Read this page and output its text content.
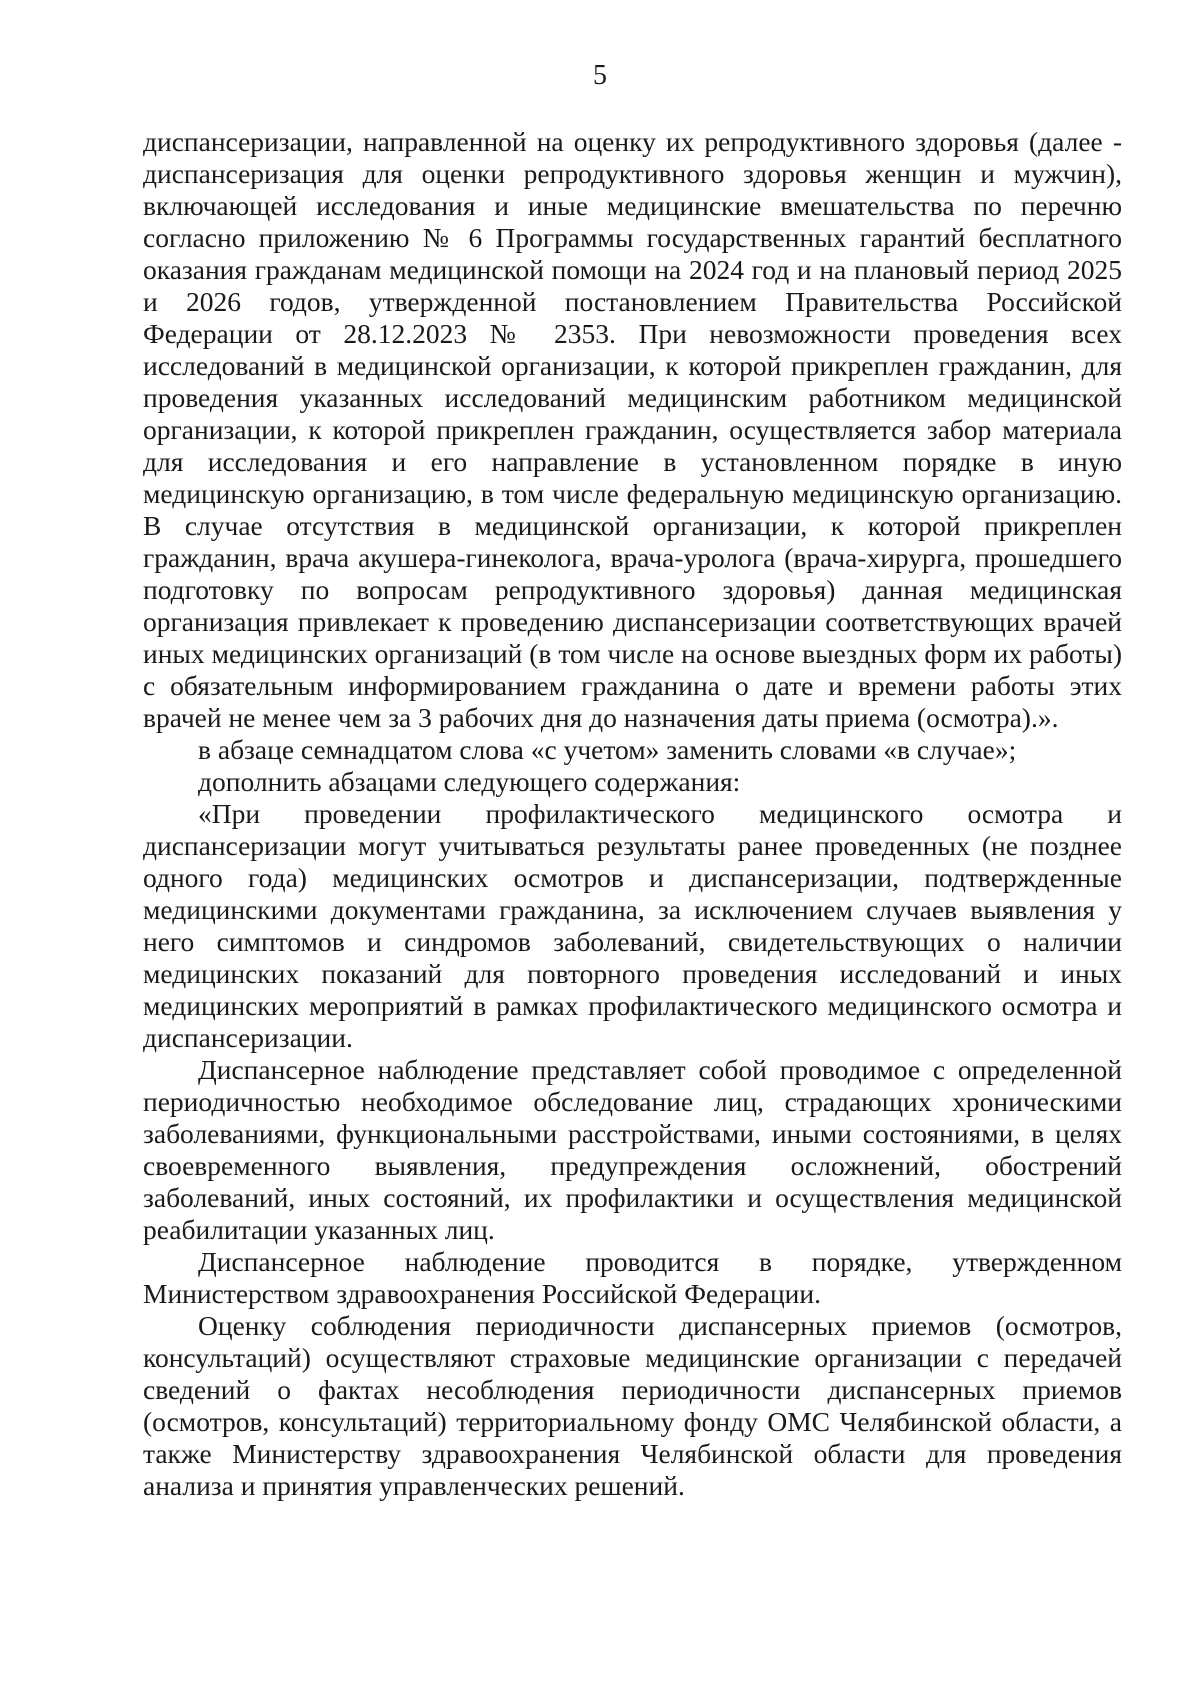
5

диспансеризации, направленной на оценку их репродуктивного здоровья (далее - диспансеризация для оценки репродуктивного здоровья женщин и мужчин), включающей исследования и иные медицинские вмешательства по перечню согласно приложению № 6 Программы государственных гарантий бесплатного оказания гражданам медицинской помощи на 2024 год и на плановый период 2025 и 2026 годов, утвержденной постановлением Правительства Российской Федерации от 28.12.2023 № 2353. При невозможности проведения всех исследований в медицинской организации, к которой прикреплен гражданин, для проведения указанных исследований медицинским работником медицинской организации, к которой прикреплен гражданин, осуществляется забор материала для исследования и его направление в установленном порядке в иную медицинскую организацию, в том числе федеральную медицинскую организацию. В случае отсутствия в медицинской организации, к которой прикреплен гражданин, врача акушера-гинеколога, врача-уролога (врача-хирурга, прошедшего подготовку по вопросам репродуктивного здоровья) данная медицинская организация привлекает к проведению диспансеризации соответствующих врачей иных медицинских организаций (в том числе на основе выездных форм их работы) с обязательным информированием гражданина о дате и времени работы этих врачей не менее чем за 3 рабочих дня до назначения даты приема (осмотра).».

в абзаце семнадцатом слова «с учетом» заменить словами «в случае»;

дополнить абзацами следующего содержания:

«При проведении профилактического медицинского осмотра и диспансеризации могут учитываться результаты ранее проведенных (не позднее одного года) медицинских осмотров и диспансеризации, подтвержденные медицинскими документами гражданина, за исключением случаев выявления у него симптомов и синдромов заболеваний, свидетельствующих о наличии медицинских показаний для повторного проведения исследований и иных медицинских мероприятий в рамках профилактического медицинского осмотра и диспансеризации.

Диспансерное наблюдение представляет собой проводимое с определенной периодичностью необходимое обследование лиц, страдающих хроническими заболеваниями, функциональными расстройствами, иными состояниями, в целях своевременного выявления, предупреждения осложнений, обострений заболеваний, иных состояний, их профилактики и осуществления медицинской реабилитации указанных лиц.

Диспансерное наблюдение проводится в порядке, утвержденном Министерством здравоохранения Российской Федерации.

Оценку соблюдения периодичности диспансерных приемов (осмотров, консультаций) осуществляют страховые медицинские организации с передачей сведений о фактах несоблюдения периодичности диспансерных приемов (осмотров, консультаций) территориальному фонду ОМС Челябинской области, а также Министерству здравоохранения Челябинской области для проведения анализа и принятия управленческих решений.
